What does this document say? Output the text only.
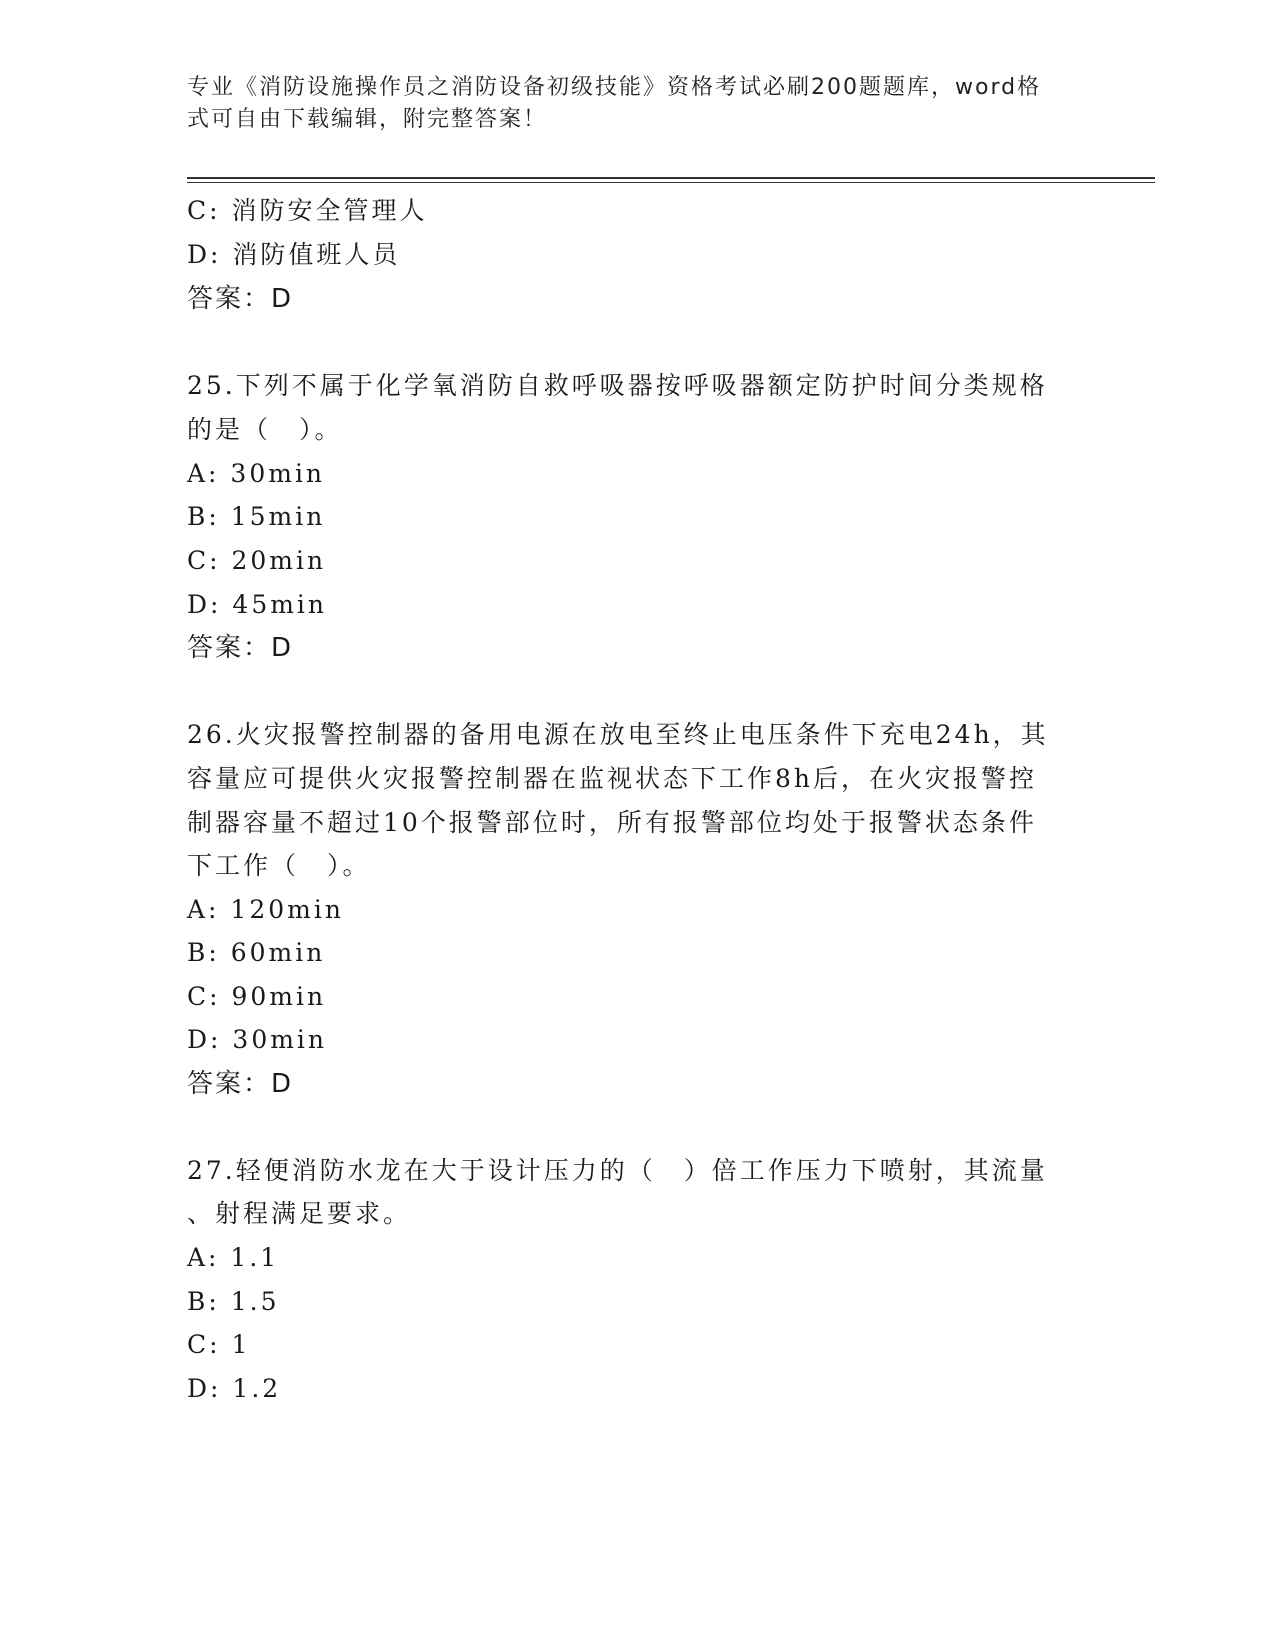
专业《消防设施操作员之消防设备初级技能》资格考试必刷200题题库，word格
式可自由下载编辑，附完整答案！
C: 消防安全管理人
D: 消防值班人员
答案：D
25.下列不属于化学氧消防自救呼吸器按呼吸器额定防护时间分类规格
的是（　）。
A: 30min
B: 15min
C: 20min
D: 45min
答案：D
26.火灾报警控制器的备用电源在放电至终止电压条件下充电24h，其
容量应可提供火灾报警控制器在监视状态下工作8h后，在火灾报警控
制器容量不超过10个报警部位时，所有报警部位均处于报警状态条件
下工作（　）。
A: 120min
B: 60min
C: 90min
D: 30min
答案：D
27.轻便消防水龙在大于设计压力的（　）倍工作压力下喷射，其流量
、射程满足要求。
A: 1.1
B: 1.5
C: 1
D: 1.2
